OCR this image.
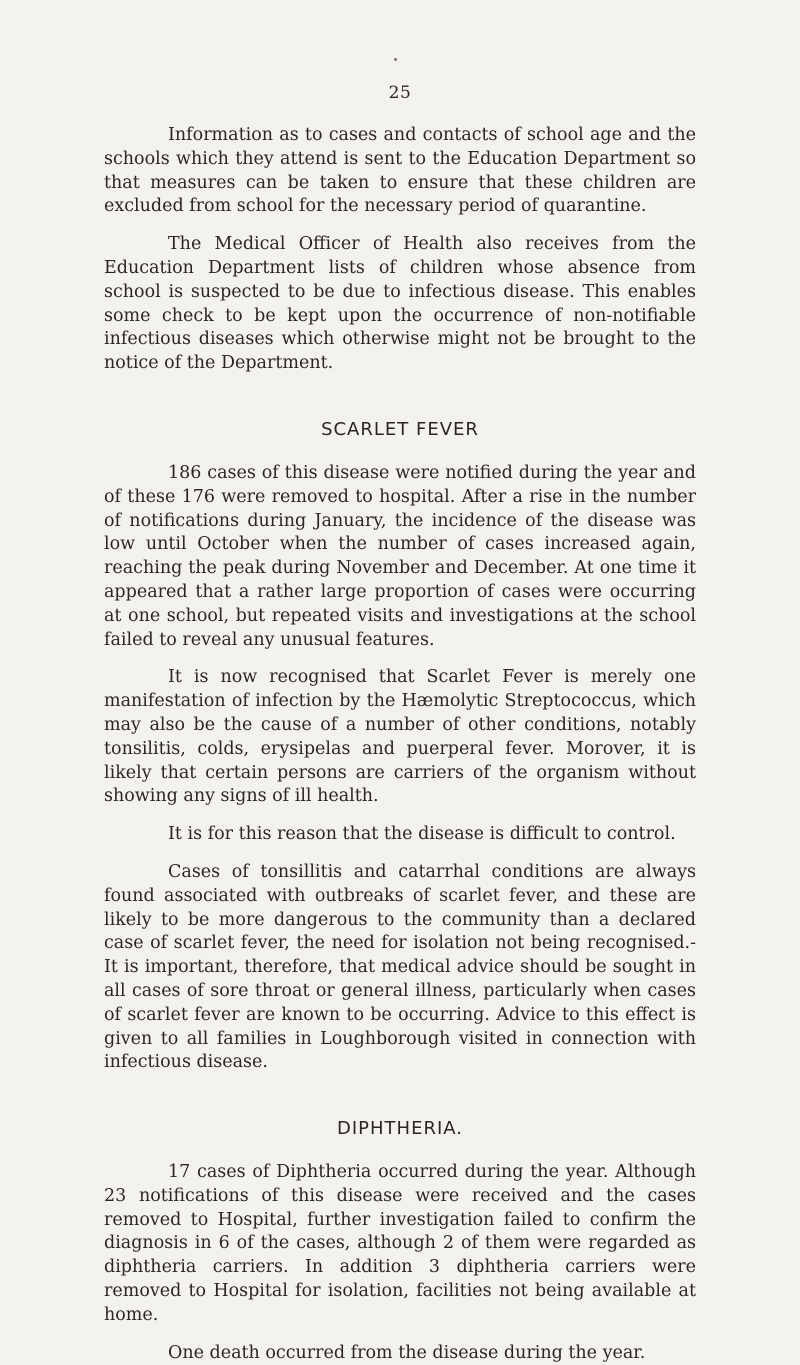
25

Information as to cases and contacts of school age and the schools which they attend is sent to the Education Department so that measures can be taken to ensure that these children are excluded from school for the necessary period of quarantine.

The Medical Officer of Health also receives from the Education Department lists of children whose absence from school is suspected to be due to infectious disease. This enables some check to be kept upon the occurrence of non-notifiable infectious diseases which otherwise might not be brought to the notice of the Department.

SCARLET FEVER

186 cases of this disease were notified during the year and of these 176 were removed to hospital. After a rise in the number of notifications during January, the incidence of the disease was low until October when the number of cases increased again, reaching the peak during November and December. At one time it appeared that a rather large proportion of cases were occurring at one school, but repeated visits and investigations at the school failed to reveal any unusual features.

It is now recognised that Scarlet Fever is merely one manifestation of infection by the Hæmolytic Streptococcus, which may also be the cause of a number of other conditions, notably tonsilitis, colds, erysipelas and puerperal fever. Morover, it is likely that certain persons are carriers of the organism without showing any signs of ill health.

It is for this reason that the disease is difficult to control.

Cases of tonsillitis and catarrhal conditions are always found associated with outbreaks of scarlet fever, and these are likely to be more dangerous to the community than a declared case of scarlet fever, the need for isolation not being recognised.- It is important, therefore, that medical advice should be sought in all cases of sore throat or general illness, particularly when cases of scarlet fever are known to be occurring. Advice to this effect is given to all families in Loughborough visited in connection with infectious disease.

DIPHTHERIA.

17 cases of Diphtheria occurred during the year. Although 23 notifications of this disease were received and the cases removed to Hospital, further investigation failed to confirm the diagnosis in 6 of the cases, although 2 of them were regarded as diphtheria carriers. In addition 3 diphtheria carriers were removed to Hospital for isolation, facilities not being available at home.

One death occurred from the disease during the year.
